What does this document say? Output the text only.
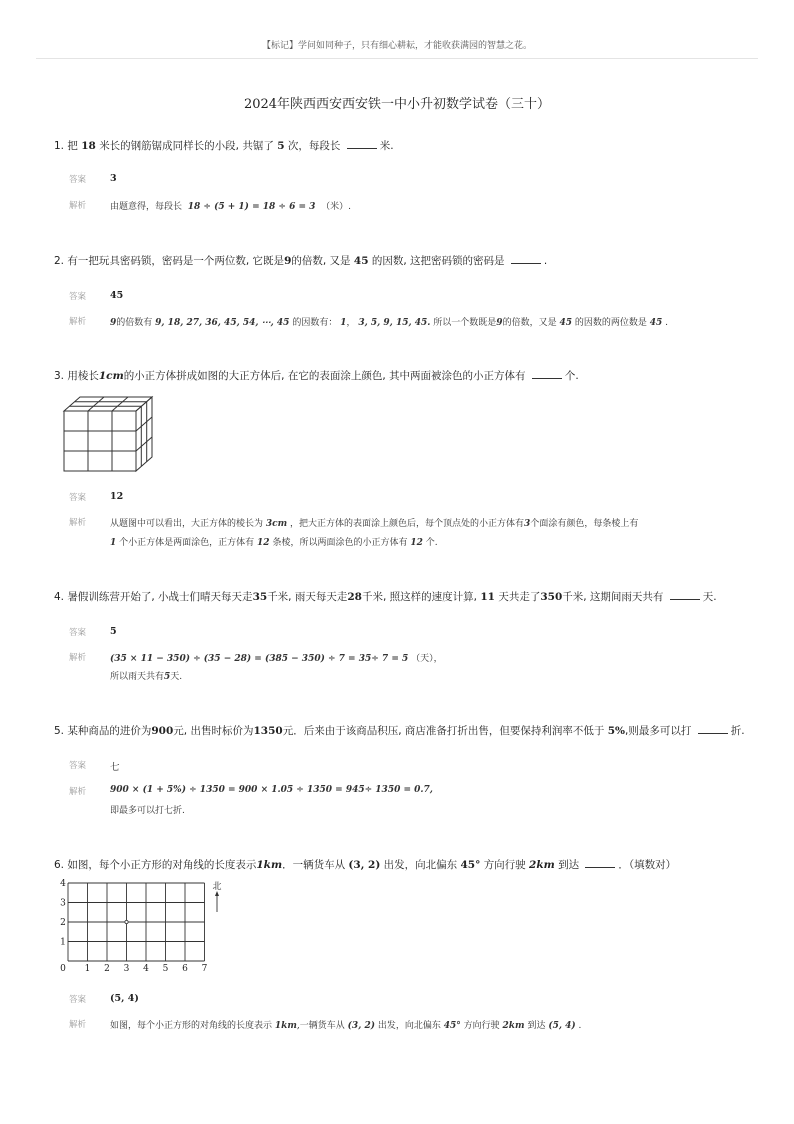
【标记】学问如同种子，只有细心耕耘，才能收获满园的智慧之花。
2024年陕西西安西安铁一中小升初数学试卷（三十）
1. 把 18 米长的钢筋锯成同样长的小段, 共锯了 5 次，每段长	米.
答案	3
解析	由题意得，每段长 18 ÷ (5 + 1) = 18 ÷ 6 = 3 （米）.
2. 有一把玩具密码锁，密码是一个两位数, 它既是9的倍数, 又是 45 的因数, 这把密码锁的密码是	.
答案	45
解析	9的倍数有 9, 18, 27, 36, 45, 54, ⋯, 45 的因数有： 1， 3, 5, 9, 15, 45. 所以一个数既是9的倍数，又是 45 的因数的两位数是 45 .
3. 用棱长1cm的小正方体拼成如图的大正方体后, 在它的表面涂上颜色, 其中两面被涂色的小正方体有	个.
答案	12
解析	从题图中可以看出，大正方体的棱长为 3cm ，把大正方体的表面涂上颜色后，每个顶点处的小正方体有3个面涂有颜色，每条棱上有
1 个小正方体是两面涂色，正方体有 12 条棱，所以两面涂色的小正方体有 12 个.
4. 暑假训练营开始了, 小战士们晴天每天走35千米, 雨天每天走28千米, 照这样的速度计算, 11 天共走了350千米, 这期间雨天共有	天.
答案	5
解析	(35 × 11 − 350) ÷ (35 − 28) = (385 − 350) ÷ 7 = 35÷ 7 = 5 （天），
所以雨天共有5天.
5. 某种商品的进价为900元, 出售时标价为1350元．后来由于该商品积压, 商店准备打折出售，但要保持利润率不低于 5%,则最多可以打	折.
答案	七
解析	900 × (1 + 5%) ÷ 1350 = 900 × 1.05 ÷ 1350 = 945÷ 1350 = 0.7,
即最多可以打七折.
6. 如图，每个小正方形的对角线的长度表示1km．一辆货车从 (3, 2) 出发，向北偏东 45° 方向行驶 2km 到达	．（填数对）
0 1 2 3 4 5 6 7
1
2
3
4	北
答案	(5, 4)
解析	如图，每个小正方形的对角线的长度表示 1km,一辆货车从 (3, 2) 出发，向北偏东 45° 方向行驶 2km 到达 (5, 4) .
